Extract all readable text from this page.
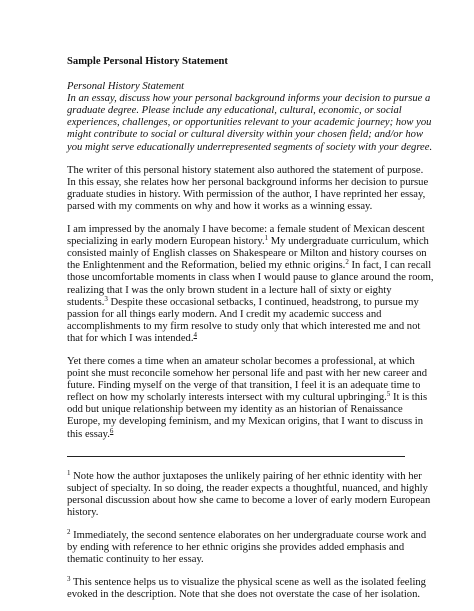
Sample Personal History Statement
Personal History Statement
In an essay, discuss how your personal background informs your decision to pursue a graduate degree. Please include any educational, cultural, economic, or social experiences, challenges, or opportunities relevant to your academic journey; how you might contribute to social or cultural diversity within your chosen field; and/or how you might serve educationally underrepresented segments of society with your degree.

The writer of this personal history statement also authored the statement of purpose. In this essay, she relates how her personal background informs her decision to pursue graduate studies in history. With permission of the author, I have reprinted her essay, parsed with my comments on why and how it works as a winning essay.

I am impressed by the anomaly I have become: a female student of Mexican descent specializing in early modern European history.$^1$ My undergraduate curriculum, which consisted mainly of English classes on Shakespeare or Milton and history courses on the Enlightenment and the Reformation, belied my ethnic origins.$^2$ In fact, I can recall those uncomfortable moments in class when I would pause to glance around the room, realizing that I was the only brown student in a lecture hall of sixty or eighty students.$^3$ Despite these occasional setbacks, I continued, headstrong, to pursue my passion for all things early modern. And I credit my academic success and accomplishments to my firm resolve to study only that which interested me and not that for which I was intended.$^4$

Yet there comes a time when an amateur scholar becomes a professional, at which point she must reconcile somehow her personal life and past with her new career and future. Finding myself on the verge of that transition, I feel it is an adequate time to reflect on how my scholarly interests intersect with my cultural upbringing.$^5$ It is this odd but unique relationship between my identity as an historian of Renaissance Europe, my developing feminism, and my Mexican origins, that I want to discuss in this essay.$^6$

$^1$ Note how the author juxtaposes the unlikely pairing of her ethnic identity with her subject of specialty. In so doing, the reader expects a thoughtful, nuanced, and highly personal discussion about how she came to become a lover of early modern European history.

$^2$ Immediately, the second sentence elaborates on her undergraduate course work and by ending with reference to her ethnic origins she provides added emphasis and thematic continuity to her essay.

$^3$ This sentence helps us to visualize the physical scene as well as the isolated feeling evoked in the description. Note that she does not overstate the case of her isolation.
